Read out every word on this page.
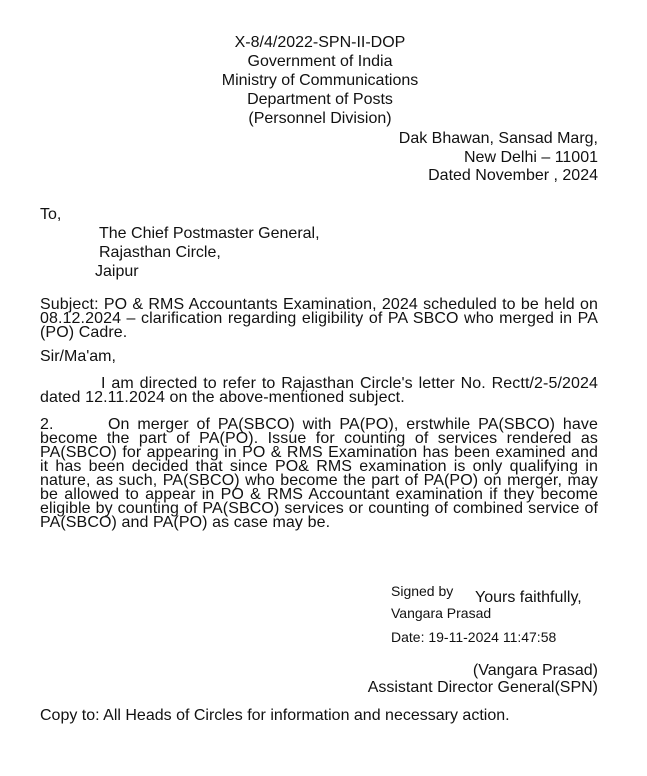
X-8/4/2022-SPN-II-DOP
Government of India
Ministry of Communications
Department of Posts
(Personnel Division)
Dak Bhawan, Sansad Marg,
New Delhi – 11001
Dated November , 2024
To,
The Chief Postmaster General,
Rajasthan Circle,
Jaipur
Subject: PO & RMS Accountants Examination, 2024 scheduled to be held on 08.12.2024 – clarification regarding eligibility of PA SBCO who merged in PA (PO) Cadre.
Sir/Ma'am,
I am directed to refer to Rajasthan Circle's letter No. Rectt/2-5/2024 dated 12.11.2024 on the above-mentioned subject.
2.	On merger of PA(SBCO) with PA(PO), erstwhile PA(SBCO) have become the part of PA(PO). Issue for counting of services rendered as PA(SBCO) for appearing in PO & RMS Examination has been examined and it has been decided that since PO& RMS examination is only qualifying in nature, as such, PA(SBCO) who become the part of PA(PO) on merger, may be allowed to appear in PO & RMS Accountant examination if they become eligible by counting of PA(SBCO) services or counting of combined service of PA(SBCO) and PA(PO) as case may be.
Signed by Yours faithfully,
Vangara Prasad
Date: 19-11-2024 11:47:58
(Vangara Prasad)
Assistant Director General(SPN)
Copy to: All Heads of Circles for information and necessary action.
